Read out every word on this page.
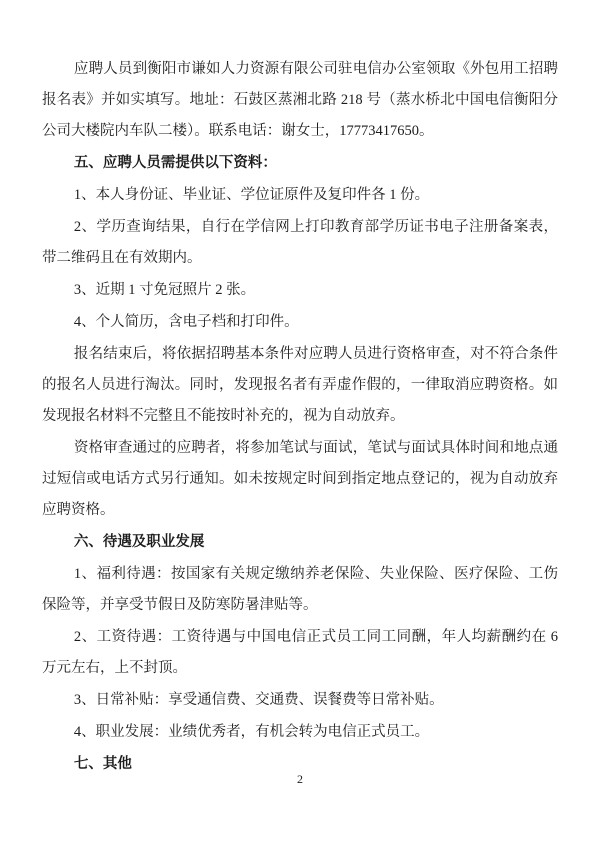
应聘人员到衡阳市谦如人力资源有限公司驻电信办公室领取《外包用工招聘报名表》并如实填写。地址：石鼓区蒸湘北路 218 号（蒸水桥北中国电信衡阳分公司大楼院内车队二楼）。联系电话：谢女士，17773417650。

五、应聘人员需提供以下资料：

1、本人身份证、毕业证、学位证原件及复印件各 1 份。

2、学历查询结果，自行在学信网上打印教育部学历证书电子注册备案表，带二维码且在有效期内。

3、近期 1 寸免冠照片 2 张。

4、个人简历，含电子档和打印件。

报名结束后，将依据招聘基本条件对应聘人员进行资格审查，对不符合条件的报名人员进行淘汰。同时，发现报名者有弄虚作假的，一律取消应聘资格。如发现报名材料不完整且不能按时补充的，视为自动放弃。

资格审查通过的应聘者，将参加笔试与面试，笔试与面试具体时间和地点通过短信或电话方式另行通知。如未按规定时间到指定地点登记的，视为自动放弃应聘资格。

六、待遇及职业发展

1、福利待遇：按国家有关规定缴纳养老保险、失业保险、医疗保险、工伤保险等，并享受节假日及防寒防暑津贴等。

2、工资待遇：工资待遇与中国电信正式员工同工同酬，年人均薪酬约在 6 万元左右，上不封顶。

3、日常补贴：享受通信费、交通费、误餐费等日常补贴。

4、职业发展：业绩优秀者，有机会转为电信正式员工。

七、其他

2
